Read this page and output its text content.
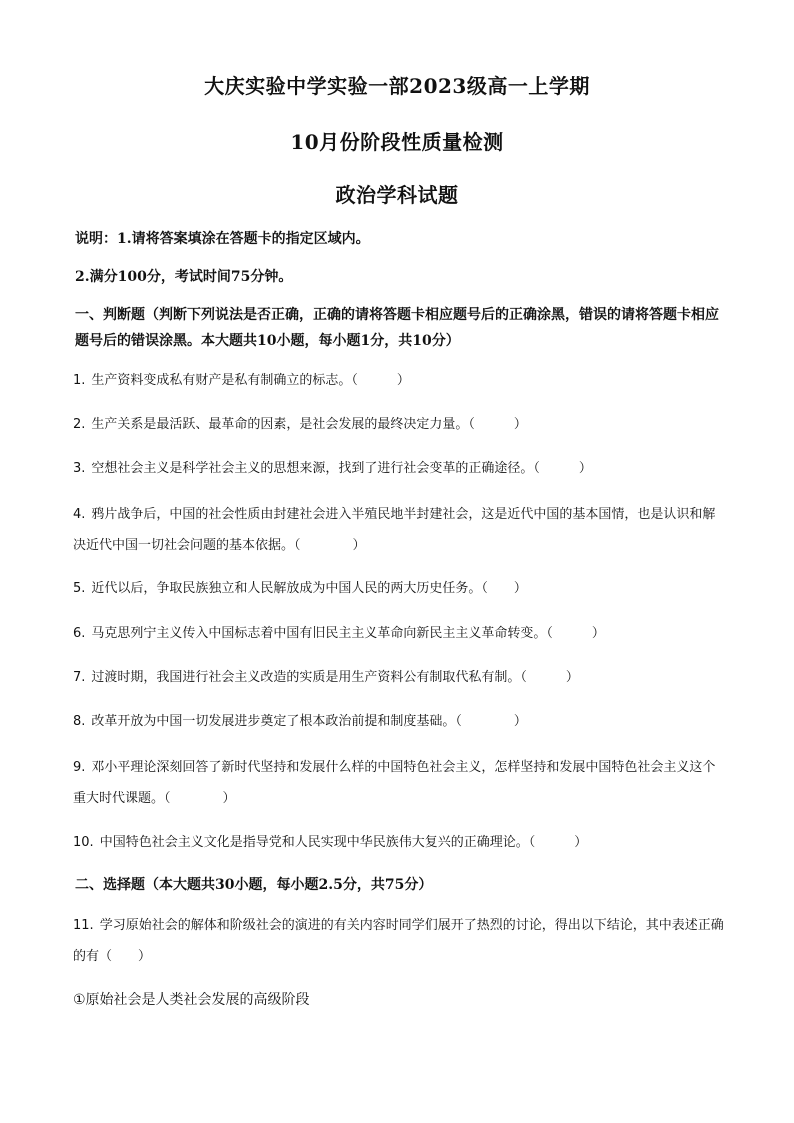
大庆实验中学实验一部2023级高一上学期
10月份阶段性质量检测
政治学科试题
说明：1.请将答案填涂在答题卡的指定区域内。
2.满分100分，考试时间75分钟。
一、判断题（判断下列说法是否正确，正确的请将答题卡相应题号后的正确涂黑，错误的请将答题卡相应题号后的错误涂黑。本大题共10小题，每小题1分，共10分）
1. 生产资料变成私有财产是私有制确立的标志。（　　　）
2. 生产关系是最活跃、最革命的因素，是社会发展的最终决定力量。（　　　）
3. 空想社会主义是科学社会主义的思想来源，找到了进行社会变革的正确途径。（　　　）
4. 鸦片战争后，中国的社会性质由封建社会进入半殖民地半封建社会，这是近代中国的基本国情，也是认识和解决近代中国一切社会问题的基本依据。（　　　　）
5. 近代以后，争取民族独立和人民解放成为中国人民的两大历史任务。（　　）
6. 马克思列宁主义传入中国标志着中国有旧民主主义革命向新民主主义革命转变。（　　　）
7. 过渡时期，我国进行社会主义改造的实质是用生产资料公有制取代私有制。（　　　）
8. 改革开放为中国一切发展进步奠定了根本政治前提和制度基础。（　　　　）
9. 邓小平理论深刻回答了新时代坚持和发展什么样的中国特色社会主义，怎样坚持和发展中国特色社会主义这个重大时代课题。（　　　　）
10. 中国特色社会主义文化是指导党和人民实现中华民族伟大复兴的正确理论。（　　　）
二、选择题（本大题共30小题，每小题2.5分，共75分）
11. 学习原始社会的解体和阶级社会的演进的有关内容时同学们展开了热烈的讨论，得出以下结论，其中表述正确的有（　　）
①原始社会是人类社会发展的高级阶段
